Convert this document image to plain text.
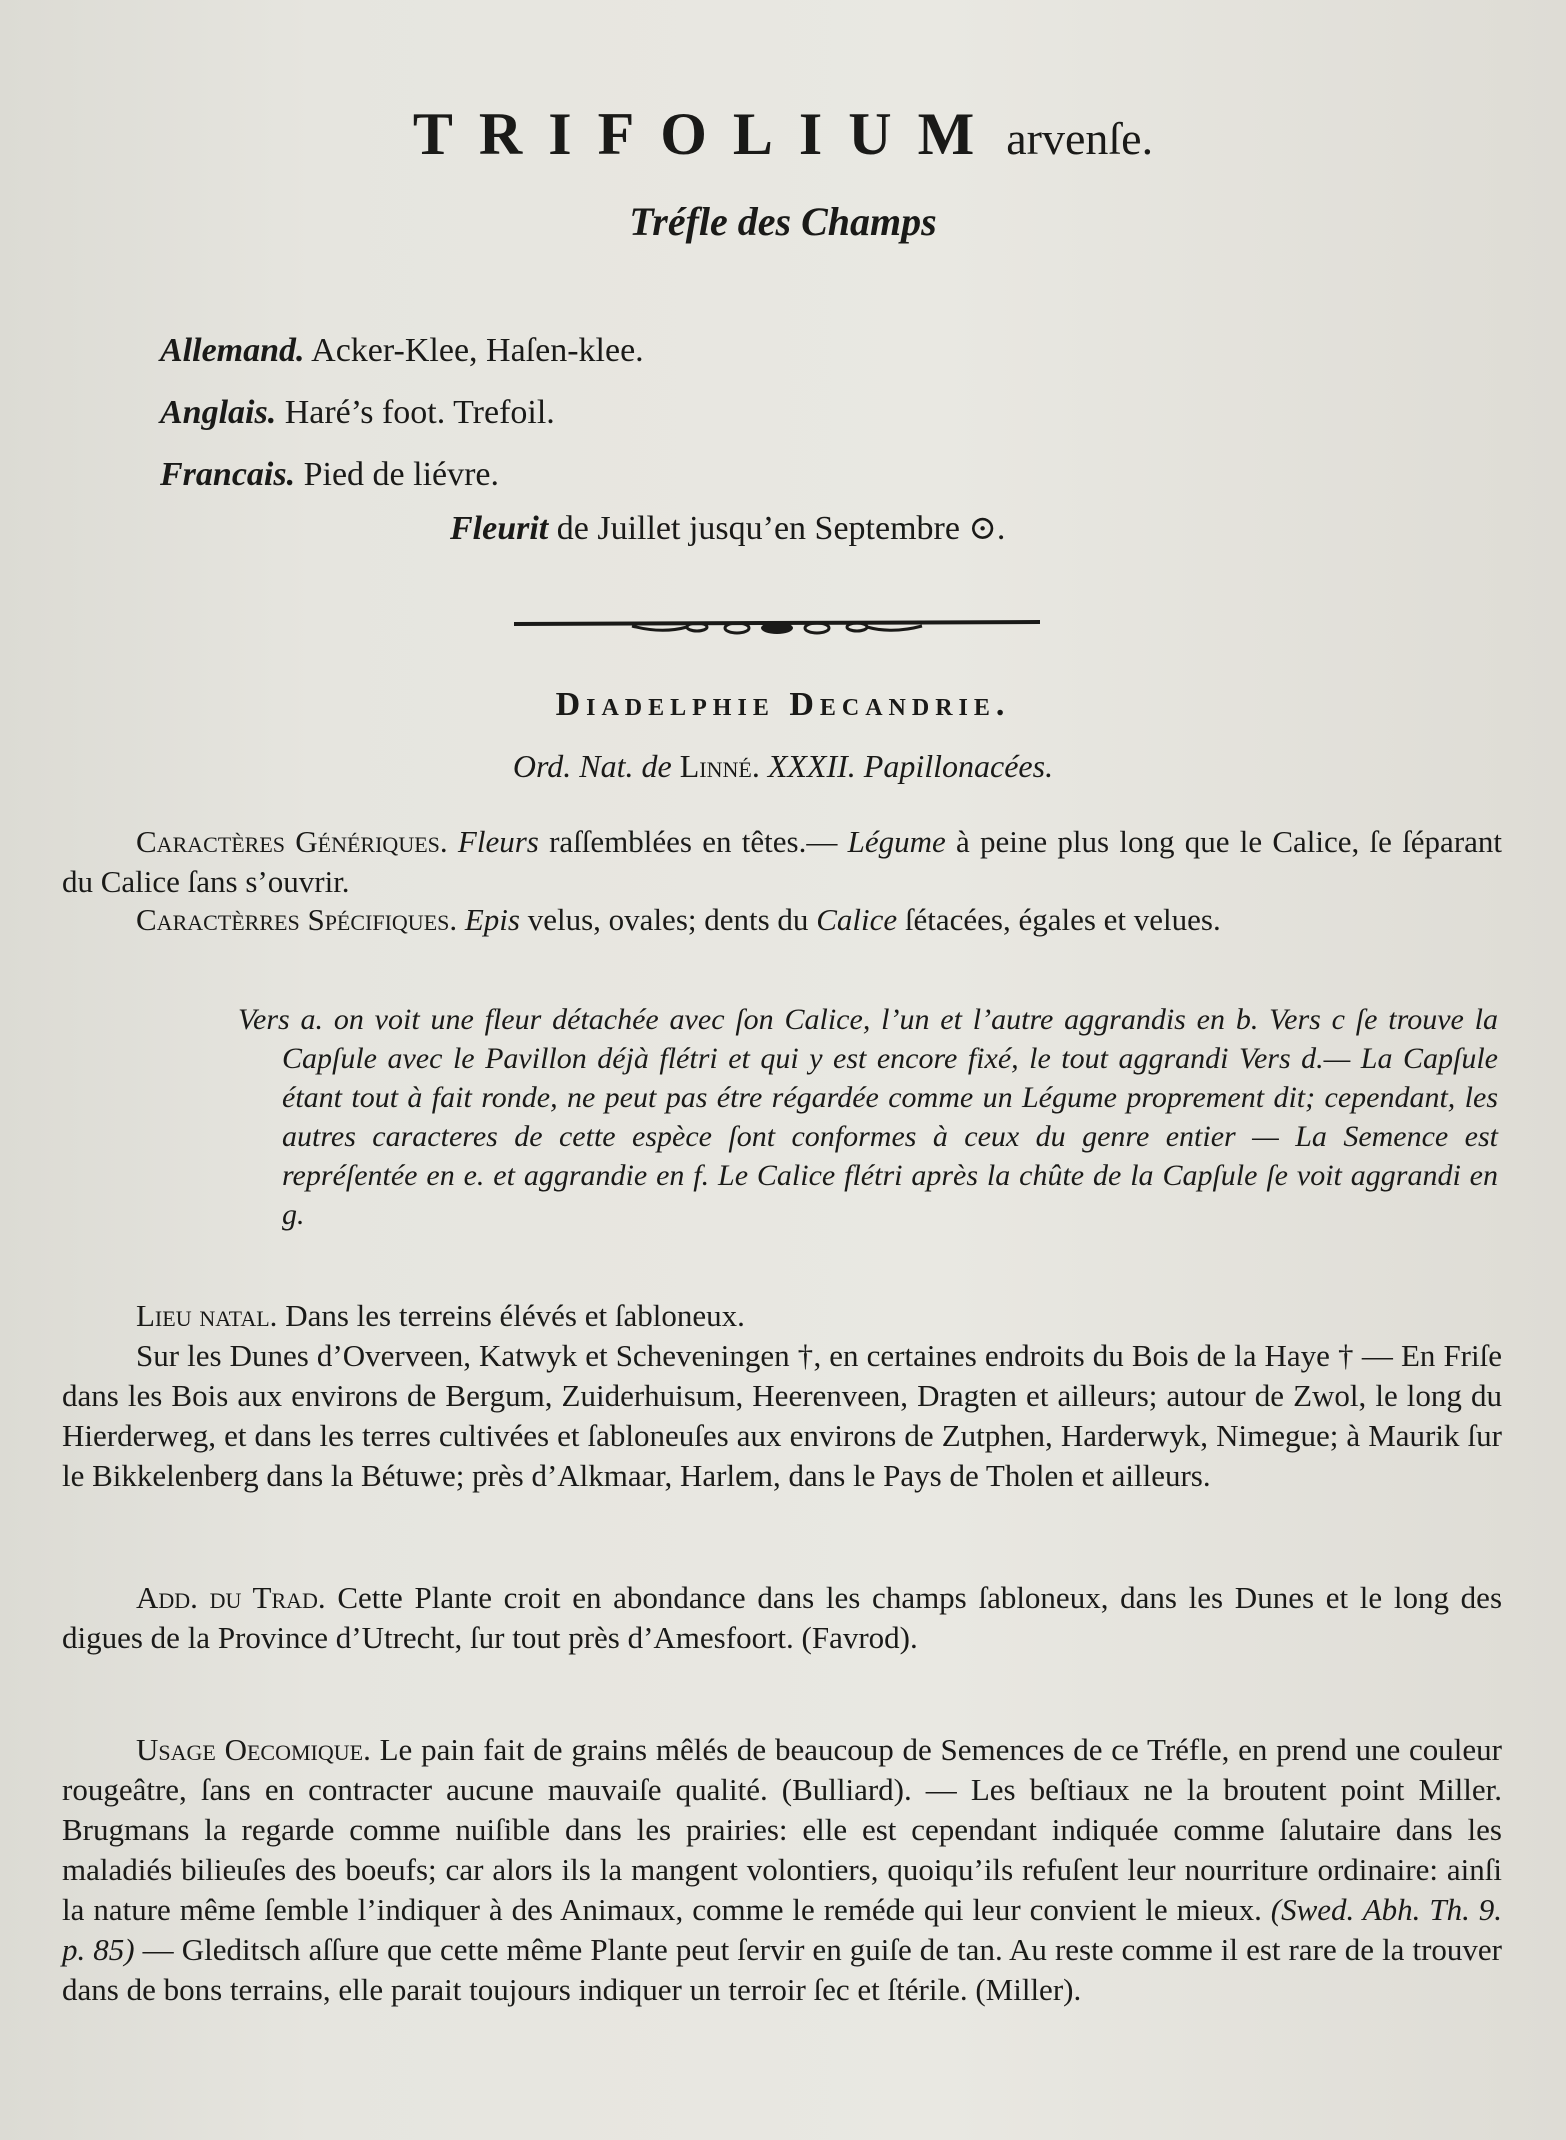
TRIFOLIUM arvenſe.
Tréfle des Champs
Allemand. Acker-Klee, Haſen-klee.
Anglais. Haré’s foot. Trefoil.
Francais. Pied de liévre.
Fleurit de Juillet jusqu’en Septembre ⊙.
Diadelphie Decandrie.
Ord. Nat. de Linné. XXXII. Papillonacées.
Caractères Génériques. Fleurs raſſemblées en têtes.— Légume à peine plus long que le Calice, ſe ſéparant du Calice ſans s’ouvrir.
Caractèrres Spécifiques. Epis velus, ovales; dents du Calice ſétacées, égales et velues.
Vers a. on voit une fleur détachée avec ſon Calice, l’un et l’autre aggrandis en b. Vers c ſe trouve la Capſule avec le Pavillon déjà flétri et qui y est encore fixé, le tout aggrandi Vers d.— La Capſule étant tout à fait ronde, ne peut pas étre régardée comme un Légume proprement dit; cependant, les autres caracteres de cette espèce ſont conformes à ceux du genre entier — La Semence est repréſentée en e. et aggrandie en f. Le Calice flétri après la chûte de la Capſule ſe voit aggrandi en g.
Lieu natal. Dans les terreins élévés et ſabloneux.
Sur les Dunes d’Overveen, Katwyk et Scheveningen †, en certaines endroits du Bois de la Haye † — En Friſe dans les Bois aux environs de Bergum, Zuiderhuisum, Heerenveen, Dragten et ailleurs; autour de Zwol, le long du Hierderweg, et dans les terres cultivées et ſabloneuſes aux environs de Zutphen, Harderwyk, Nimegue; à Maurik ſur le Bikkelenberg dans la Bétuwe; près d’Alkmaar, Harlem, dans le Pays de Tholen et ailleurs.
Add. du Trad. Cette Plante croit en abondance dans les champs ſabloneux, dans les Dunes et le long des digues de la Province d’Utrecht, ſur tout près d’Amesfoort. (Favrod).
Usage Oecomique. Le pain fait de grains mêlés de beaucoup de Semences de ce Tréfle, en prend une couleur rougeâtre, ſans en contracter aucune mauvaiſe qualité. (Bulliard). — Les beſtiaux ne la broutent point Miller. Brugmans la regarde comme nuiſible dans les prairies: elle est cependant indiquée comme ſalutaire dans les maladiés bilieuſes des boeufs; car alors ils la mangent volontiers, quoiqu’ils refuſent leur nourriture ordinaire: ainſi la nature même ſemble l’indiquer à des Animaux, comme le reméde qui leur convient le mieux. (Swed. Abh. Th. 9. p. 85) — Gleditsch aſſure que cette même Plante peut ſervir en guiſe de tan. Au reste comme il est rare de la trouver dans de bons terrains, elle parait toujours indiquer un terroir ſec et ſtérile. (Miller).
